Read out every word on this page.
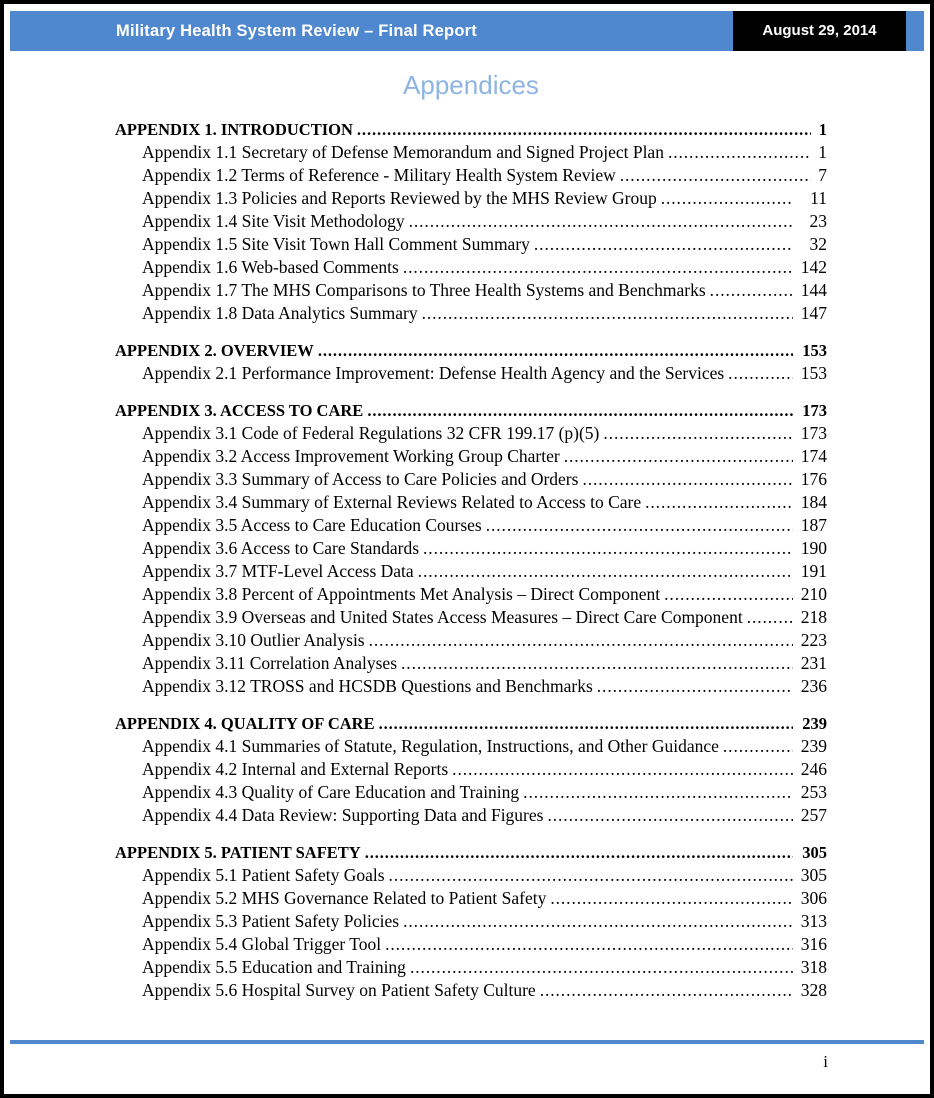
Military Health System Review – Final Report	August 29, 2014
Appendices
APPENDIX 1. INTRODUCTION .....	1
Appendix 1.1 Secretary of Defense Memorandum and Signed Project Plan .....	1
Appendix 1.2 Terms of Reference - Military Health System Review .....	7
Appendix 1.3 Policies and Reports Reviewed by the MHS Review Group .....	11
Appendix 1.4 Site Visit Methodology .....	23
Appendix 1.5 Site Visit Town Hall Comment Summary .....	32
Appendix 1.6 Web-based Comments .....	142
Appendix 1.7 The MHS Comparisons to Three Health Systems and Benchmarks .....	144
Appendix 1.8 Data Analytics Summary .....	147
APPENDIX 2. OVERVIEW .....	153
Appendix 2.1 Performance Improvement: Defense Health Agency and the Services .....	153
APPENDIX 3. ACCESS TO CARE .....	173
Appendix 3.1 Code of Federal Regulations 32 CFR 199.17 (p)(5) .....	173
Appendix 3.2 Access Improvement Working Group Charter .....	174
Appendix 3.3 Summary of Access to Care Policies and Orders .....	176
Appendix 3.4 Summary of External Reviews Related to Access to Care .....	184
Appendix 3.5 Access to Care Education Courses .....	187
Appendix 3.6 Access to Care Standards .....	190
Appendix 3.7 MTF-Level Access Data .....	191
Appendix 3.8 Percent of Appointments Met Analysis – Direct Component .....	210
Appendix 3.9 Overseas and United States Access Measures – Direct Care Component .....	218
Appendix 3.10 Outlier Analysis .....	223
Appendix 3.11 Correlation Analyses .....	231
Appendix 3.12 TROSS and HCSDB Questions and Benchmarks .....	236
APPENDIX 4. QUALITY OF CARE .....	239
Appendix 4.1 Summaries of Statute, Regulation, Instructions, and Other Guidance .....	239
Appendix 4.2 Internal and External Reports .....	246
Appendix 4.3 Quality of Care Education and Training .....	253
Appendix 4.4 Data Review: Supporting Data and Figures .....	257
APPENDIX 5. PATIENT SAFETY .....	305
Appendix 5.1 Patient Safety Goals .....	305
Appendix 5.2 MHS Governance Related to Patient Safety .....	306
Appendix 5.3 Patient Safety Policies .....	313
Appendix 5.4 Global Trigger Tool .....	316
Appendix 5.5 Education and Training .....	318
Appendix 5.6 Hospital Survey on Patient Safety Culture .....	328
i
